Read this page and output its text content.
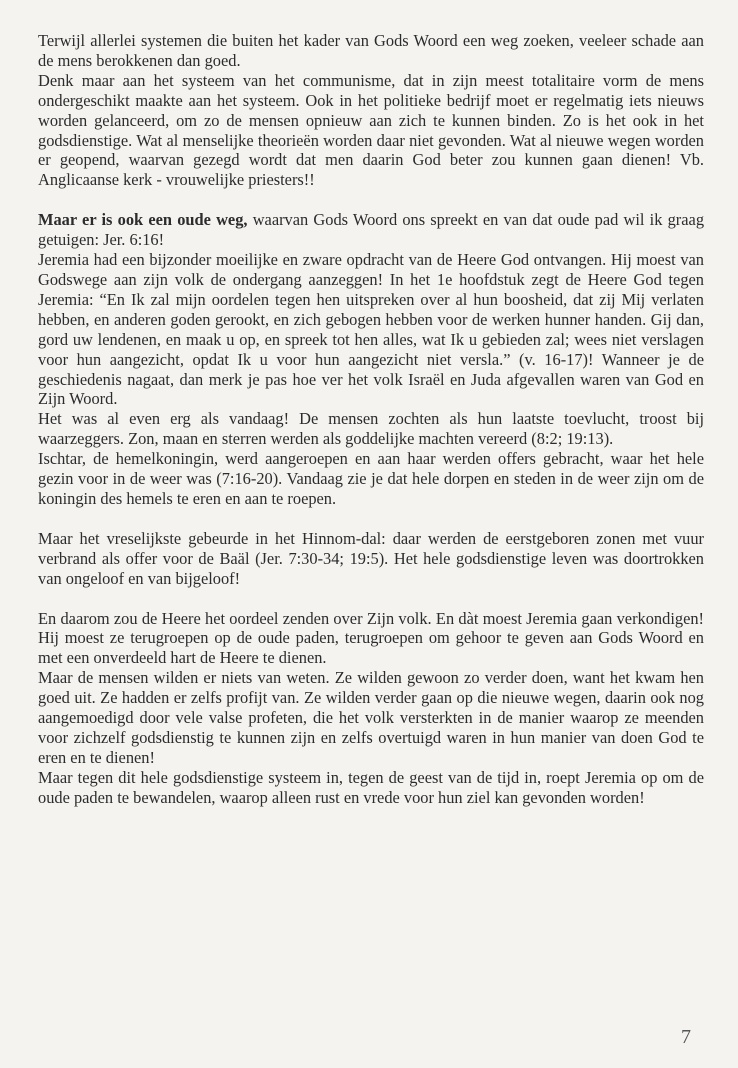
Terwijl allerlei systemen die buiten het kader van Gods Woord een weg zoeken, veeleer schade aan de mens berokkenen dan goed.

Denk maar aan het systeem van het communisme, dat in zijn meest totalitaire vorm de mens ondergeschikt maakte aan het systeem. Ook in het politieke bedrijf moet er regelmatig iets nieuws worden gelanceerd, om zo de mensen opnieuw aan zich te kunnen binden. Zo is het ook in het godsdienstige. Wat al menselijke theorieën worden daar niet gevonden. Wat al nieuwe wegen worden er geopend, waarvan gezegd wordt dat men daarin God beter zou kunnen gaan dienen! Vb. Anglicaanse kerk - vrouwelijke priesters!!

Maar er is ook een oude weg, waarvan Gods Woord ons spreekt en van dat oude pad wil ik graag getuigen: Jer. 6:16!

Jeremia had een bijzonder moeilijke en zware opdracht van de Heere God ontvangen. Hij moest van Godswege aan zijn volk de ondergang aanzeggen! In het 1e hoofdstuk zegt de Heere God tegen Jeremia: “En Ik zal mijn oordelen tegen hen uitspreken over al hun boosheid, dat zij Mij verlaten hebben, en anderen goden gerookt, en zich gebogen hebben voor de werken hunner handen. Gij dan, gord uw lendenen, en maak u op, en spreek tot hen alles, wat Ik u gebieden zal; wees niet verslagen voor hun aangezicht, opdat Ik u voor hun aangezicht niet versla.” (v. 16-17)! Wanneer je de geschiedenis nagaat, dan merk je pas hoe ver het volk Israël en Juda afgevallen waren van God en Zijn Woord.

Het was al even erg als vandaag! De mensen zochten als hun laatste toevlucht, troost bij waarzeggers. Zon, maan en sterren werden als goddelijke machten vereerd (8:2; 19:13).

Ischtar, de hemelkoningin, werd aangeroepen en aan haar werden offers gebracht, waar het hele gezin voor in de weer was (7:16-20). Vandaag zie je dat hele dorpen en steden in de weer zijn om de koningin des hemels te eren en aan te roepen.

Maar het vreselijkste gebeurde in het Hinnom-dal: daar werden de eerstgeboren zonen met vuur verbrand als offer voor de Baäl (Jer. 7:30-34; 19:5). Het hele godsdienstige leven was doortrokken van ongeloof en van bijgeloof!

En daarom zou de Heere het oordeel zenden over Zijn volk. En dàt moest Jeremia gaan verkondigen! Hij moest ze terugroepen op de oude paden, terugroepen om gehoor te geven aan Gods Woord en met een onverdeeld hart de Heere te dienen.

Maar de mensen wilden er niets van weten. Ze wilden gewoon zo verder doen, want het kwam hen goed uit. Ze hadden er zelfs profijt van. Ze wilden verder gaan op die nieuwe wegen, daarin ook nog aangemoedigd door vele valse profeten, die het volk versterkten in de manier waarop ze meenden voor zichzelf godsdienstig te kunnen zijn en zelfs overtuigd waren in hun manier van doen God te eren en te dienen!

Maar tegen dit hele godsdienstige systeem in, tegen de geest van de tijd in, roept Jeremia op om de oude paden te bewandelen, waarop alleen rust en vrede voor hun ziel kan gevonden worden!

7
